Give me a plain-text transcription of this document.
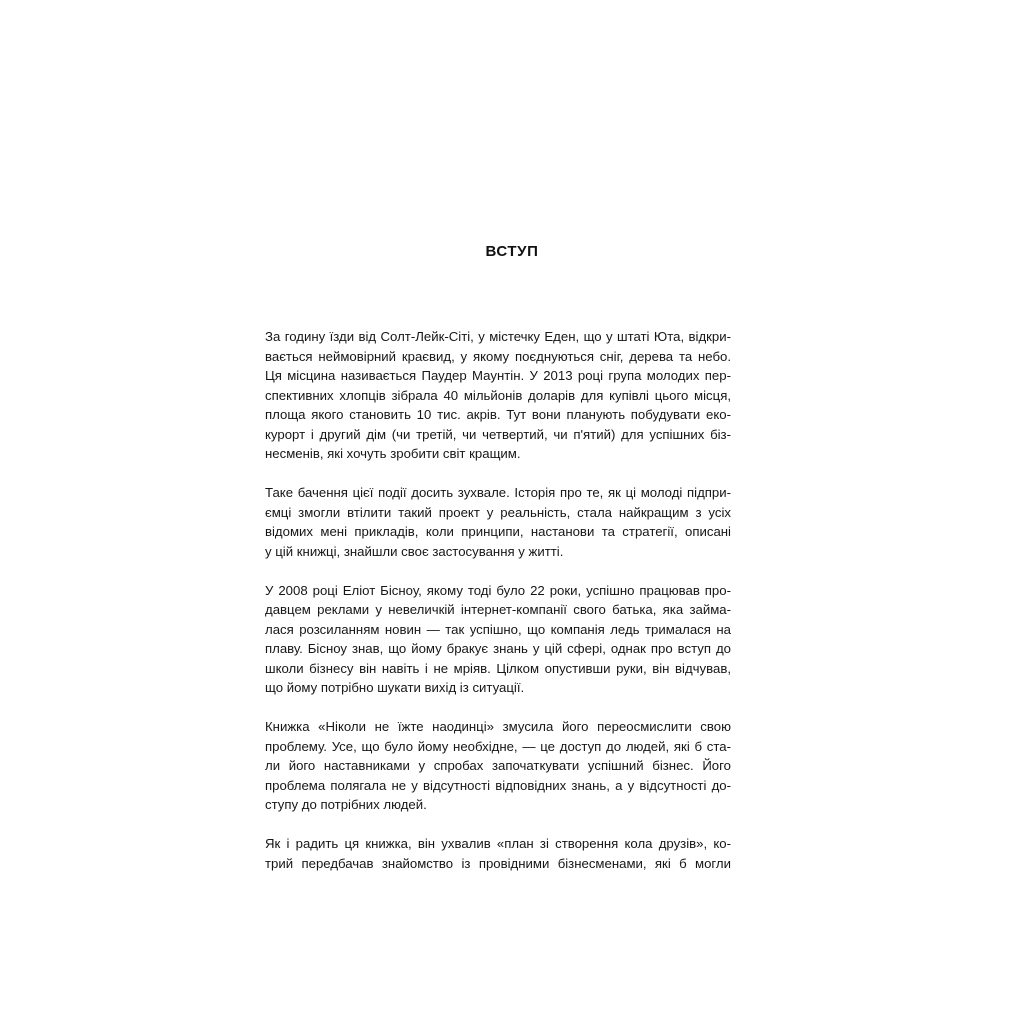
ВСТУП
За годину їзди від Солт-Лейк-Сіті, у містечку Еден, що у штаті Юта, відкри-
вається неймовірний краєвид, у якому поєднуються сніг, дерева та небо.
Ця місцина називається Паудер Маунтін. У 2013 році група молодих пер-
спективних хлопців зібрала 40 мільйонів доларів для купівлі цього місця,
площа якого становить 10 тис. акрів. Тут вони планують побудувати еко-
курорт і другий дім (чи третій, чи четвертий, чи п'ятий) для успішних біз-
несменів, які хочуть зробити світ кращим.
Таке бачення цієї події досить зухвале. Історія про те, як ці молоді підпри-
ємці змогли втілити такий проект у реальність, стала найкращим з усіх
відомих мені прикладів, коли принципи, настанови та стратегії, описані
у цій книжці, знайшли своє застосування у житті.
У 2008 році Еліот Бісноу, якому тоді було 22 роки, успішно працював про-
давцем реклами у невеличкій інтернет-компанії свого батька, яка займа-
лася розсиланням новин — так успішно, що компанія ледь трималася на
плаву. Бісноу знав, що йому бракує знань у цій сфері, однак про вступ до
школи бізнесу він навіть і не мріяв. Цілком опустивши руки, він відчував,
що йому потрібно шукати вихід із ситуації.
Книжка «Ніколи не їжте наодинці» змусила його переосмислити свою
проблему. Усе, що було йому необхідне, — це доступ до людей, які б ста-
ли його наставниками у спробах започаткувати успішний бізнес. Його
проблема полягала не у відсутності відповідних знань, а у відсутності до-
ступу до потрібних людей.
Як і радить ця книжка, він ухвалив «план зі створення кола друзів», ко-
трий передбачав знайомство із провідними бізнесменами, які б могли
